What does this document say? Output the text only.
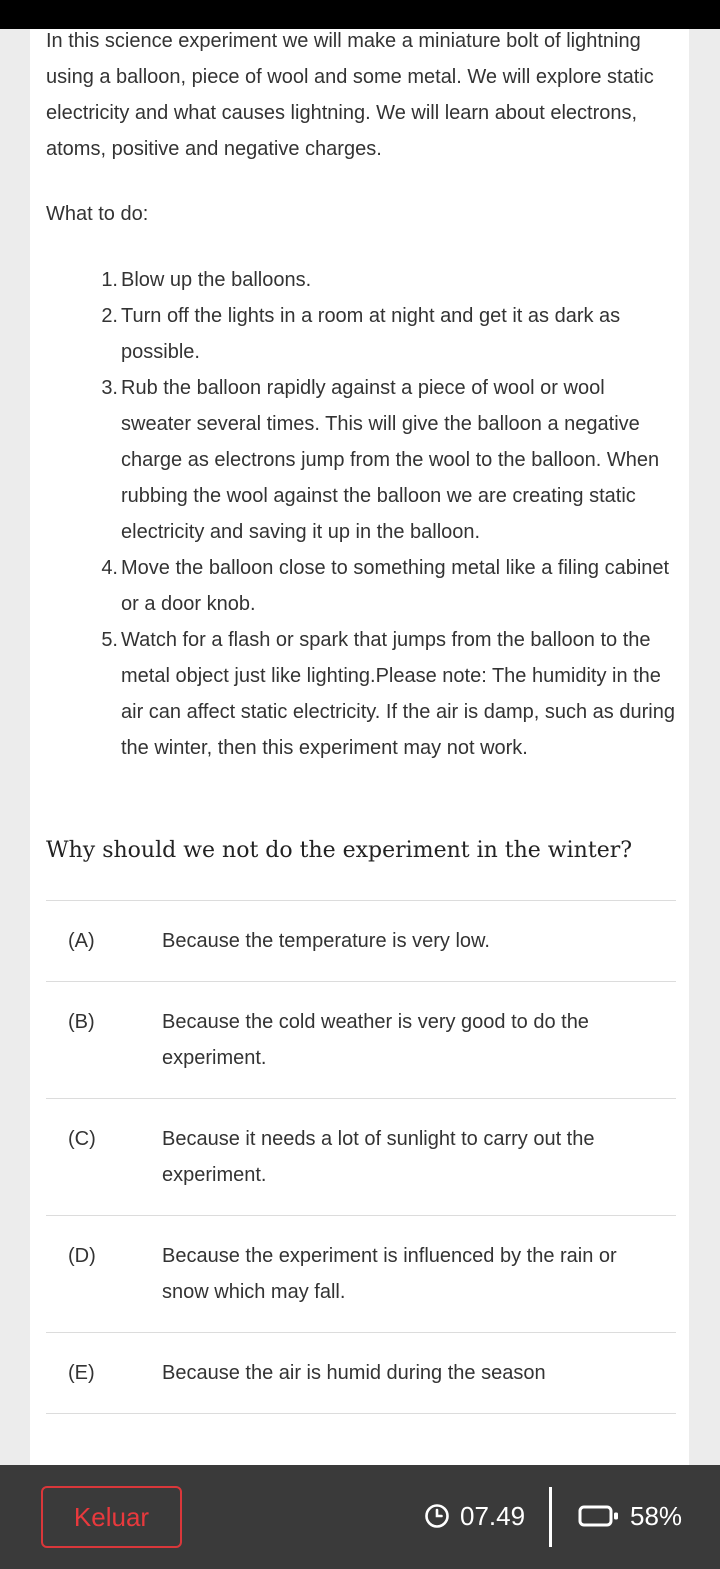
In this science experiment we will make a miniature bolt of lightning using a balloon, piece of wool and some metal. We will explore static electricity and what causes lightning. We will learn about electrons, atoms, positive and negative charges.

What to do:

1. Blow up the balloons.
2. Turn off the lights in a room at night and get it as dark as possible.
3. Rub the balloon rapidly against a piece of wool or wool sweater several times. This will give the balloon a negative charge as electrons jump from the wool to the balloon. When rubbing the wool against the balloon we are creating static electricity and saving it up in the balloon.
4. Move the balloon close to something metal like a filing cabinet or a door knob.
5. Watch for a flash or spark that jumps from the balloon to the metal object just like lighting.Please note: The humidity in the air can affect static electricity. If the air is damp, such as during the winter, then this experiment may not work.

Why should we not do the experiment in the winter?

(A)	Because the temperature is very low.
(B)	Because the cold weather is very good to do the experiment.
(C)	Because it needs a lot of sunlight to carry out the experiment.
(D)	Because the experiment is influenced by the rain or snow which may fall.
(E)	Because the air is humid during the season
Keluar	07.49	58%
